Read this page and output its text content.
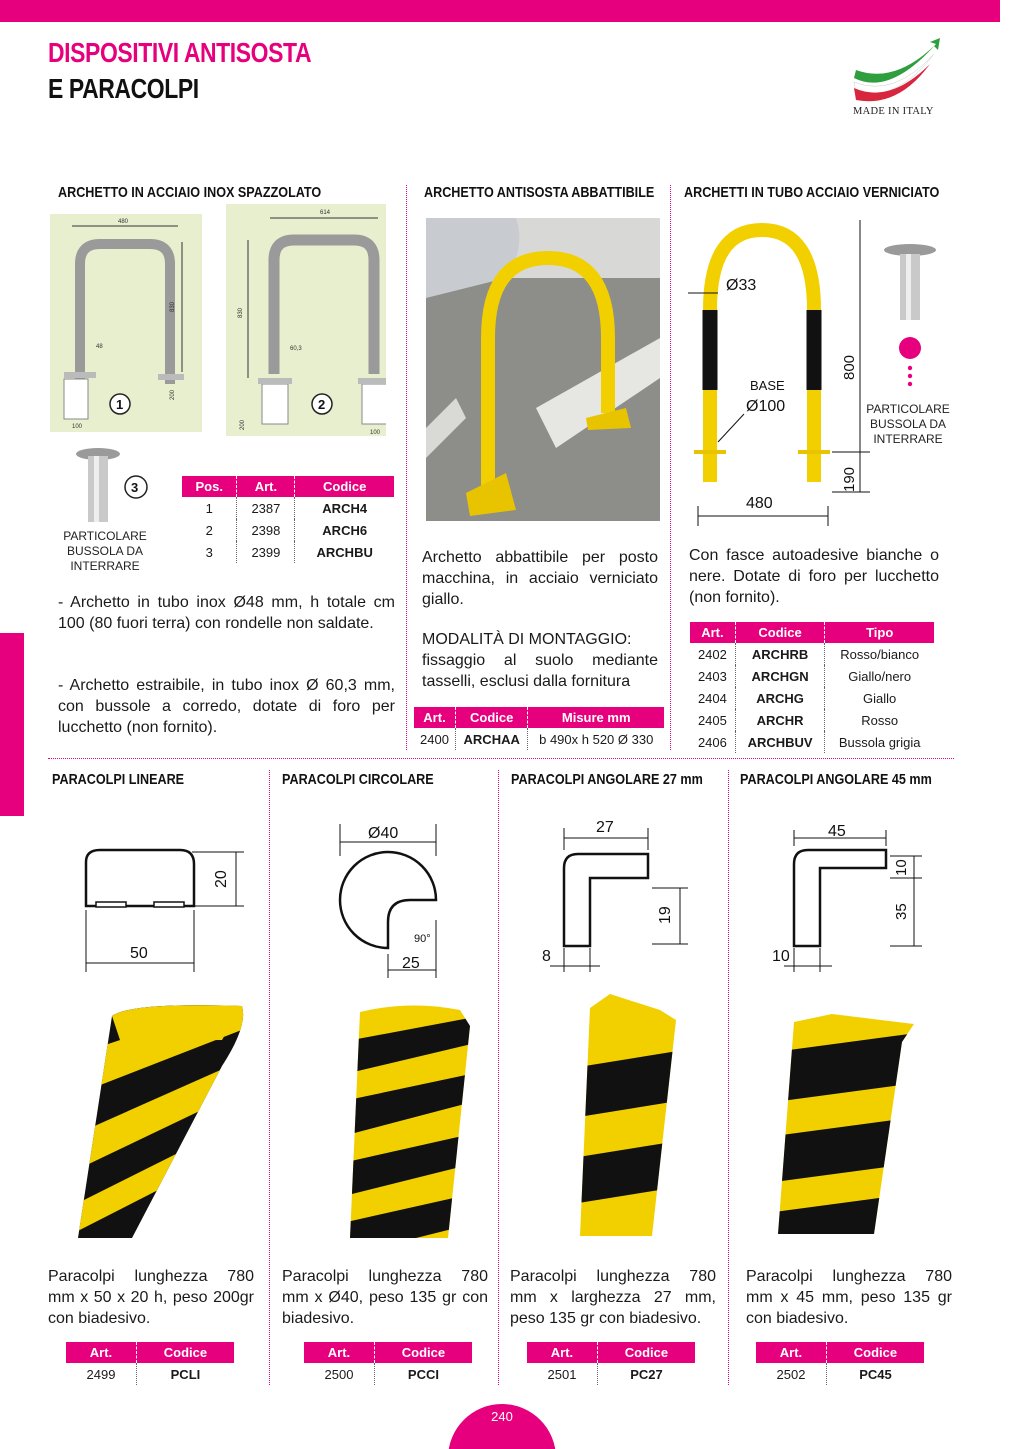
DISPOSITIVI ANTISOSTA
E PARACOLPI
MADE IN ITALY
ARCHETTO IN ACCIAIO INOX SPAZZOLATO
480
830
48
200
100
1
614
830
60,3
200
100
2
3
PARTICOLARE
BUSSOLA DA
INTERRARE
Pos.	Art.	Codice
1	2387	ARCH4
2	2398	ARCH6
3	2399	ARCHBU
- Archetto in tubo inox Ø48 mm, h totale cm 100 (80 fuori terra) con rondelle non saldate.
- Archetto estraibile, in tubo inox Ø 60,3 mm, con bussole a corredo, dotate di foro per lucchetto (non fornito).
ARCHETTO ANTISOSTA ABBATTIBILE
Archetto abbattibile per posto macchina, in acciaio verniciato giallo.
MODALITÀ DI MONTAGGIO:
fissaggio al suolo mediante tasselli, esclusi dalla fornitura
Art.	Codice	Misure mm
2400	ARCHAA	b 490x h 520 Ø 330
ARCHETTI IN TUBO ACCIAIO VERNICIATO
Ø33
BASE
Ø100
480
800
190
PARTICOLARE
BUSSOLA DA
INTERRARE
Con fasce autoadesive bianche o nere. Dotate di foro per lucchetto (non fornito).
Art.	Codice	Tipo
2402	ARCHRB	Rosso/bianco
2403	ARCHGN	Giallo/nero
2404	ARCHG	Giallo
2405	ARCHR	Rosso
2406	ARCHBUV	Bussola grigia
PARACOLPI LINEARE	PARACOLPI CIRCOLARE	PARACOLPI ANGOLARE 27 mm PARACOLPI ANGOLARE 45 mm
20
50
Ø40
90°
25
27
19
8
45
10
35
10
Paracolpi lunghezza 780 mm x 50 x 20 h, peso 200gr con biadesivo.
Paracolpi lunghezza 780 mm x Ø40, peso 135 gr con biadesivo.
Paracolpi lunghezza 780 mm x larghezza 27 mm, peso 135 gr con biadesivo.
Paracolpi lunghezza 780 mm x 45 mm, peso 135 gr con biadesivo.
Art.	Codice
2499	PCLI
Art.	Codice
2500	PCCI
Art.	Codice
2501	PC27
Art.	Codice
2502	PC45
240
